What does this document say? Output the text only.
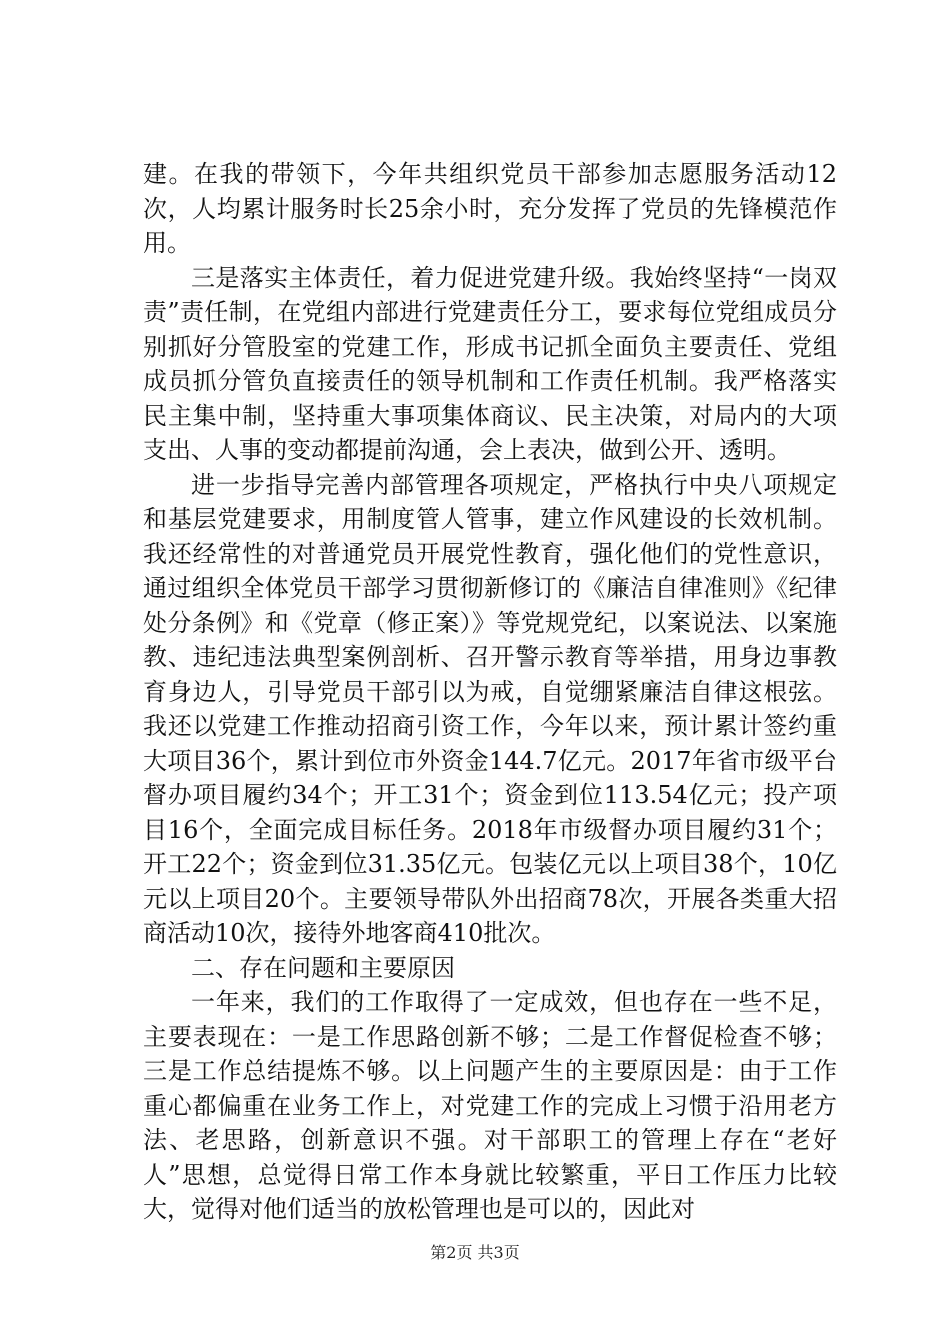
建。在我的带领下，今年共组织党员干部参加志愿服务活动12次，人均累计服务时长25余小时，充分发挥了党员的先锋模范作用。

三是落实主体责任，着力促进党建升级。我始终坚持“一岗双责”责任制，在党组内部进行党建责任分工，要求每位党组成员分别抓好分管股室的党建工作，形成书记抓全面负主要责任、党组成员抓分管负直接责任的领导机制和工作责任机制。我严格落实民主集中制，坚持重大事项集体商议、民主决策，对局内的大项支出、人事的变动都提前沟通，会上表决，做到公开、透明。

进一步指导完善内部管理各项规定，严格执行中央八项规定和基层党建要求，用制度管人管事，建立作风建设的长效机制。我还经常性的对普通党员开展党性教育，强化他们的党性意识，通过组织全体党员干部学习贯彻新修订的《廉洁自律准则》《纪律处分条例》和《党章（修正案）》等党规党纪，以案说法、以案施教、违纪违法典型案例剖析、召开警示教育等举措，用身边事教育身边人，引导党员干部引以为戒，自觉绷紧廉洁自律这根弦。我还以党建工作推动招商引资工作，今年以来，预计累计签约重大项目36个，累计到位市外资金144.7亿元。2017年省市级平台督办项目履约34个；开工31个；资金到位113.54亿元；投产项目16个，全面完成目标任务。2018年市级督办项目履约31个；开工22个；资金到位31.35亿元。包装亿元以上项目38个，10亿元以上项目20个。主要领导带队外出招商78次，开展各类重大招商活动10次，接待外地客商410批次。

二、存在问题和主要原因

一年来，我们的工作取得了一定成效，但也存在一些不足，主要表现在：一是工作思路创新不够；二是工作督促检查不够；三是工作总结提炼不够。以上问题产生的主要原因是：由于工作重心都偏重在业务工作上，对党建工作的完成上习惯于沿用老方法、老思路，创新意识不强。对干部职工的管理上存在“老好人”思想，总觉得日常工作本身就比较繁重，平日工作压力比较大，觉得对他们适当的放松管理也是可以的，因此对

第2页 共3页
